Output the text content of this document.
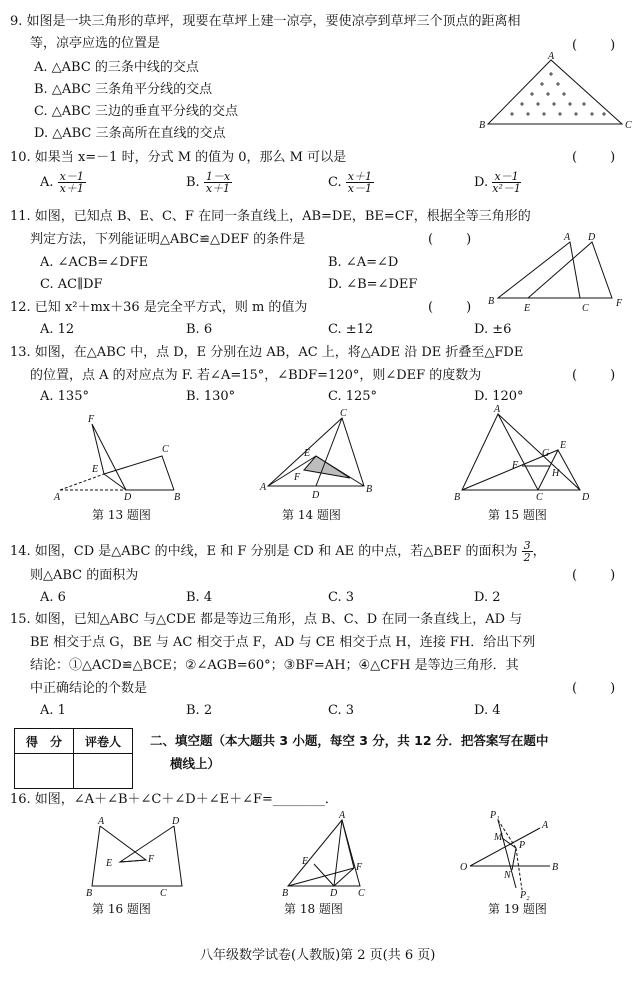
9. 如图是一块三角形的草坪，现要在草坪上建一凉亭，要使凉亭到草坪三个顶点的距离相
等，凉亭应选的位置是	(        )
A. △ABC 的三条中线的交点
B. △ABC 三条角平分线的交点
C. △ABC 三边的垂直平分线的交点
D. △ABC 三条高所在直线的交点
A
B	C
10. 如果当 x=－1 时，分式 M 的值为 0，那么 M 可以是	(        )
A. $\frac{x-1}{x+1}$	B. $\frac{1-x}{x+1}$	C. $\frac{x+1}{x-1}$	D. $\frac{x-1}{\text{x²－1}}$
11. 如图，已知点 B、E、C、F 在同一条直线上，AB=DE，BE=CF，根据全等三角形的
判定方法，下列能证明△ABC≌△DEF 的条件是	(        )
A. ∠ACB=∠DFE	B. ∠A=∠D
C. AC∥DF	D. ∠B=∠DEF
A D
B
E	C	F
12. 已知 x²＋mx＋36 是完全平方式，则 m 的值为	(        )
A. 12	B. 6	C. ±12	D. ±6
13. 如图，在△ABC 中，点 D，E 分别在边 AB，AC 上，将△ADE 沿 DE 折叠至△FDE
的位置，点 A 的对应点为 F. 若∠A=15°，∠BDF=120°，则∠DEF 的度数为	(        )
A. 135°	B. 130°	C. 125°	D. 120°
F
C
E
A	D	B
第 13 题图
C
E
A
F
D
B
第 14 题图
A
G
E
F
H
B	C	D
第 15 题图
14. 如图，CD 是△ABC 的中线，E 和 F 分别是 CD 和 AE 的中点，若△BEF 的面积为 $\frac{3}{2}$ ，
则△ABC 的面积为	(        )
A. 6	B. 4	C. 3	D. 2
15. 如图，已知△ABC 与△CDE 都是等边三角形，点 B、C、D 在同一条直线上，AD 与
BE 相交于点 G，BE 与 AC 相交于点 F，AD 与 CE 相交于点 H，连接 FH．给出下列
结论：①△ACD≌△BCE；②∠AGB=60°；③BF=AH；④△CFH 是等边三角形．其
中正确结论的个数是	(        )
A. 1	B. 2	C. 3	D. 4
得　分	评卷人
	二、填空题（本大题共 3 小题，每空 3 分，共 12 分．把答案写在题中
横线上）
16. 如图，∠A＋∠B＋∠C＋∠D＋∠E＋∠F=________．
A	D
E	F
B	C
第 16 题图
A
E
F
B	D C
第 18 题图
P₁
A
M
P
O
N
B
P₂
第 19 题图
八年级数学试卷(人教版)第 2 页(共 6 页)
